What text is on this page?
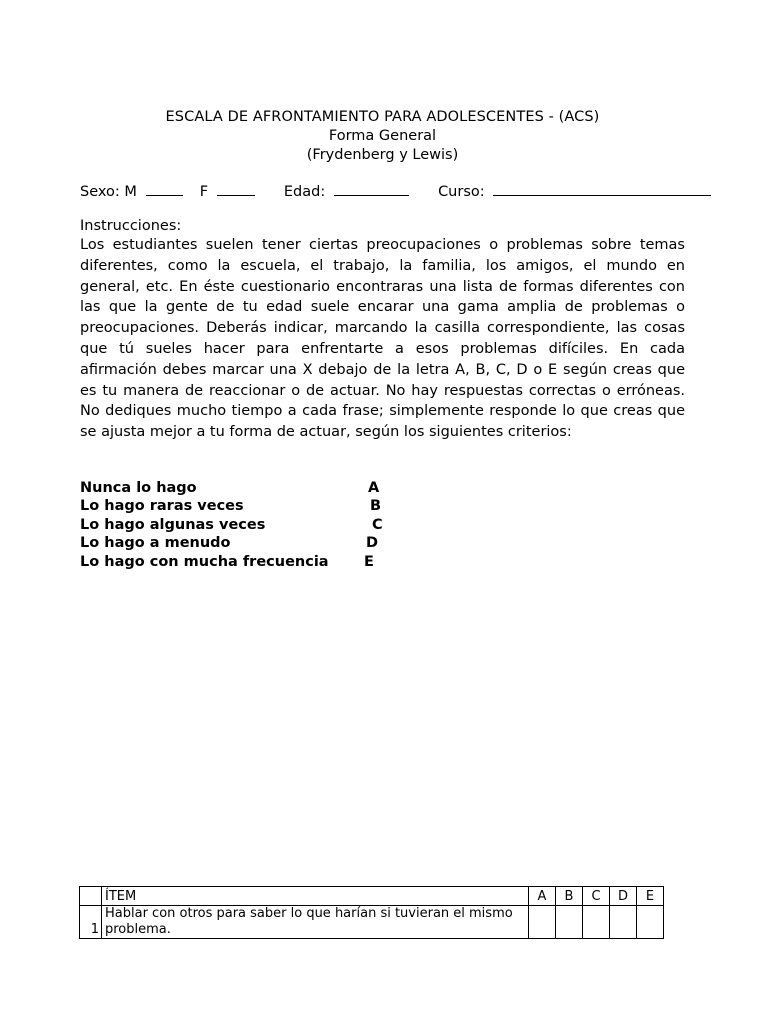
ESCALA DE AFRONTAMIENTO PARA ADOLESCENTES - (ACS)
Forma General
(Frydenberg y Lewis)
Sexo: M	F	Edad:	Curso:
Instrucciones:
Los estudiantes suelen tener ciertas preocupaciones o problemas sobre temas diferentes, como la escuela, el trabajo, la familia, los amigos, el mundo en general, etc. En éste cuestionario encontraras una lista de formas diferentes con las que la gente de tu edad suele encarar una gama amplia de problemas o preocupaciones. Deberás indicar, marcando la casilla correspondiente, las cosas que tú sueles hacer para enfrentarte a esos problemas difíciles. En cada afirmación debes marcar una X debajo de la letra A, B, C, D o E según creas que es tu manera de reaccionar o de actuar. No hay respuestas correctas o erróneas. No dediques mucho tiempo a cada frase; simplemente responde lo que creas que se ajusta mejor a tu forma de actuar, según los siguientes criterios:
Nunca lo hago	A
Lo hago raras veces	B
Lo hago algunas veces	C
Lo hago a menudo	D
Lo hago con mucha frecuencia E
	ÍTEM	A	B	C	D	E
1	Hablar con otros para saber lo que harían si tuvieran el mismo problema.					
